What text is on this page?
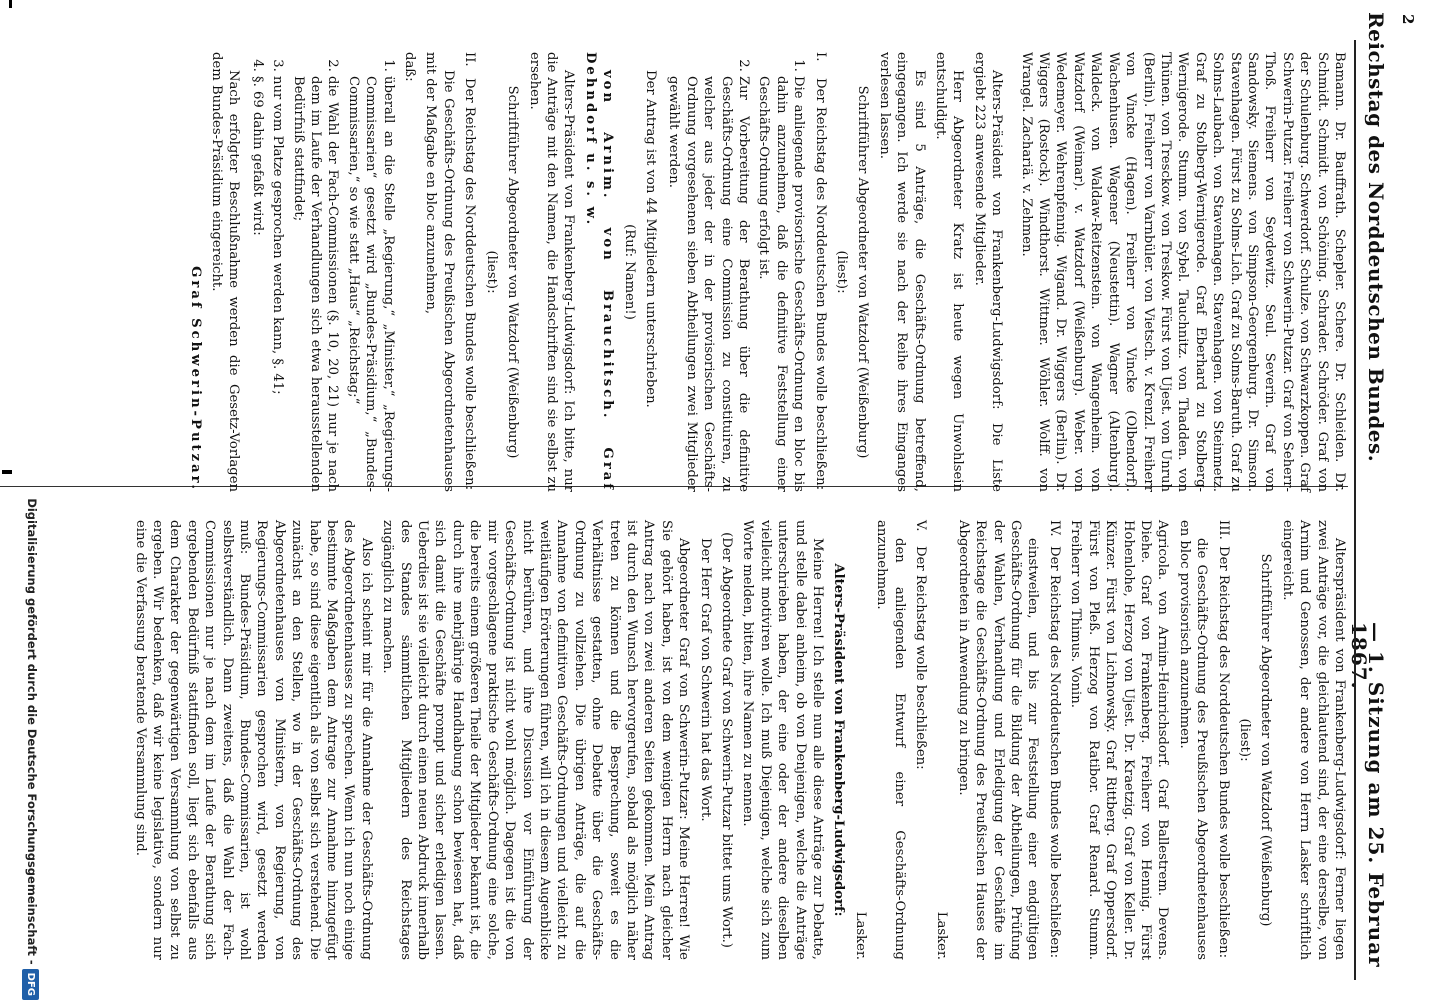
2
Reichstag des Norddeutschen Bundes.
— 1. Sitzung am 25. Februar 1867.

Bamann. Dr. Bauffrath. Schepler. Schere. Dr. Schleiden. Dr. Schmidt. Schmidt. von Schöning. Schrader. Schröder. Graf von der Schulenburg. Schwerdorf. Schulze. von Schwarzkoppen. Graf Schwerin-Putzar. Freiherr von Schwerin-Putzar. Graf von Seherr-Thoß. Freiherr von Seydewitz. Seul. Severin. Graf von Sandowsky. Siemens. von Simpson-Georgenburg. Dr. Simson. Stavenhagen. Fürst zu Solms-Lich. Graf zu Solms-Baruth. Graf zu Solms-Laubach. von Stavenhagen. Stavenhagen. von Steinmetz. Graf zu Stolberg-Wernigerode. Graf Eberhard zu Stolberg-Wernigerode. Stumm. von Sybel. Tauchnitz. von Thadden. von Thünen. von Tresckow. von Treskow. Fürst von Ujest. von Unruh (Berlin). Freiherr von Varnbüler. von Vietsch. v. Krenzl. Freiherr von Vincke (Hagen). Freiherr von Vincke (Olbendorf). Wachenhusen. Wagener (Neustettin). Wagner (Altenburg). Waldeck. von Waldaw-Reitzenstein. von Wangenheim. von Watzdorf (Weimar). v. Watzdorf (Weißenburg). Weber. von Wedemeyer. Wehrenpfennig. Wigand. Dr. Wiggers (Berlin). Dr. Wiggers (Rostock). Windthorst. Wittmer. Wöhler. Wolff. von Wrangel. Zachariä. v. Zehmen.

Alters-Präsident von Frankenberg-Ludwigsdorf: Die Liste ergiebt 223 anwesende Mitglieder.

Herr Abgeordneter Kratz ist heute wegen Unwohlsein entschuldigt.

Es sind 5 Anträge, die Geschäfts-Ordnung betreffend, eingegangen. Ich werde sie nach der Reihe ihres Einganges verlesen lassen.

Schriftführer Abgeordneter von Watzdorf (Weißenburg)

(liest):

I.Der Reichstag des Norddeutschen Bundes wolle beschließen:

1. Die anliegende provisorische Geschäfts-Ordnung en bloc bis dahin anzunehmen, daß die definitive Feststellung einer Geschäfts-Ordnung erfolgt ist.
2. Zur Vorbereitung der Berathung über die definitive Geschäfts-Ordnung eine Commission zu constituiren, zu welcher aus jeder der in der provisorischen Geschäfts-Ordnung vorgesehenen sieben Abtheilungen zwei Mitglieder gewählt werden.

Der Antrag ist von 44 Mitgliedern unterschrieben.

(Ruf: Namen!)

von Arnim. von Brauchitsch. Graf Dehndorf u. s. w.

Alters-Präsident von Frankenberg-Ludwigsdorf: Ich bitte, nur die Anträge mit den Namen, die Handschriften sind sie selbst zu ersehen.

Schriftführer Abgeordneter von Watzdorf (Weißenburg)

(liest):

II.Der Reichstag des Norddeutschen Bundes wolle beschließen:

Die Geschäfts-Ordnung des Preußischen Abgeordnetenhauses mit der Maßgabe en bloc anzunehmen,

daß:

1. überall an die Stelle „Regierung,“ „Minister,“ „Regierungs-Commissarien“ gesetzt wird „Bundes-Präsidium,“ „Bundes-Commissarien,“ so wie statt „Haus“ „Reichstag;“
2. die Wahl der Fach-Commissionen (§. 10, 20, 21) nur je nach dem im Laufe der Verhandlungen sich etwa herausstellenden Bedürfniß stattfindet;
3. nur vom Platze gesprochen werden kann, §. 41;
4. §. 69 dahin gefaßt wird:

Nach erfolgter Beschlußnahme werden die Gesetz-Vorlagen dem Bundes-Präsidium eingereicht.

Graf Schwerin-Putzar.

Alterspräsident von Frankenberg-Ludwigsdorf: Ferner liegen zwei Anträge vor, die gleichlautend sind, der eine derselbe, von Arnim und Genossen, der andere von Herrn Lasker schriftlich eingereicht.

Schriftführer Abgeordneter von Watzdorf (Weißenburg)

(liest):

III.Der Reichstag des Norddeutschen Bundes wolle beschließen:

die Geschäfts-Ordnung des Preußischen Abgeordnetenhauses en bloc provisorisch anzunehmen.

Agricola. von Arnim-Heinrichsdorf. Graf Ballestrem. Devens. Diehe. Graf von Frankenberg. Freiherr von Hennig. Fürst Hohenlohe, Herzog von Ujest. Dr. Kraetzig. Graf von Keller. Dr. Künzer. Fürst von Lichnowsky. Graf Rittberg. Graf Oppersdorf. Fürst von Pleß. Herzog von Ratibor. Graf Renard. Stumm. Freiherr von Thimus. Vonin.

IV.Der Reichstag des Norddeutschen Bundes wolle beschließen:

einstweilen, und bis zur Feststellung einer endgültigen Geschäfts-Ordnung für die Bildung der Abtheilungen, Prüfung der Wahlen, Verhandlung und Erledigung der Geschäfte im Reichstage die Geschäfts-Ordnung des Preußischen Hauses der Abgeordneten in Anwendung zu bringen.

Lasker.

V.Der Reichstag wolle beschließen:

den anliegenden Entwurf einer Geschäfts-Ordnung anzunehmen.

Lasker.

Alters-Präsident von Frankenberg-Ludwigsdorf:

Meine Herren! Ich stelle nun alle diese Anträge zur Debatte, und stelle dabei anheim, ob von Denjenigen, welche die Anträge unterschrieben haben, der eine oder der andere dieselben vielleicht motiviren wolle. Ich muß Diejenigen, welche sich zum Worte melden, bitten, ihre Namen zu nennen.

(Der Abgeordnete Graf von Schwerin-Putzar bittet ums Wort.)

Der Herr Graf von Schwerin hat das Wort.

Abgeordneter Graf von Schwerin-Putzar: Meine Herren! Wie Sie gehört haben, ist von dem wenigen Herrn nach gleicher Antrag nach von zwei anderen Seiten gekommen. Mein Antrag ist durch den Wunsch hervorgerufen, sobald als möglich näher treten zu können und die Besprechung, soweit es die Verhältnisse gestatten, ohne Debatte über die Geschäfts-Ordnung zu vollziehen. Die übrigen Anträge, die auf die Annahme von definitiven Geschäfts-Ordnungen und vielleicht zu weitläufigen Erörterungen führen, will ich in diesem Augenblicke nicht berühren, und ihre Discussion vor Einführung der Geschäfts-Ordnung ist nicht wohl möglich. Dagegen ist die von mir vorgeschlagene praktische Geschäfts-Ordnung eine solche, die bereits einem größeren Theile der Mitglieder bekannt ist, die durch ihre mehrjährige Handhabung schon bewiesen hat, daß sich damit die Geschäfte prompt und sicher erledigen lassen. Ueberdies ist sie vielleicht durch einen neuen Abdruck innerhalb des Standes sämmtlichen Mitgliedern des Reichstages zugänglich zu machen.

Also ich scheint mir für die Annahme der Geschäfts-Ordnung des Abgeordnetenhauses zu sprechen. Wenn ich nun noch einige bestimmte Maßgaben dem Antrage zur Annahme hinzugefügt habe, so sind diese eigentlich als von selbst sich verstehend. Die zunächst an den Stellen, wo in der Geschäfts-Ordnung des Abgeordnetenhauses von Ministern, von Regierung, von Regierungs-Commissarien gesprochen wird, gesetzt werden muß: Bundes-Präsidium, Bundes-Commissarien, ist wohl selbstverständlich. Dann zweitens, daß die Wahl der Fach-Commissionen nur je nach dem im Laufe der Berathung sich ergebenden Bedürfniß stattfinden soll, liegt sich ebenfalls aus dem Charakter der gegenwärtigen Versammlung von selbst zu ergeben. Wir bedenken, daß wir keine legislative, sondern nur eine die Verfassung beratende Versammlung sind.

Digitalisierung gefördert durch die Deutsche Forschungsgemeinschaft -DFG
